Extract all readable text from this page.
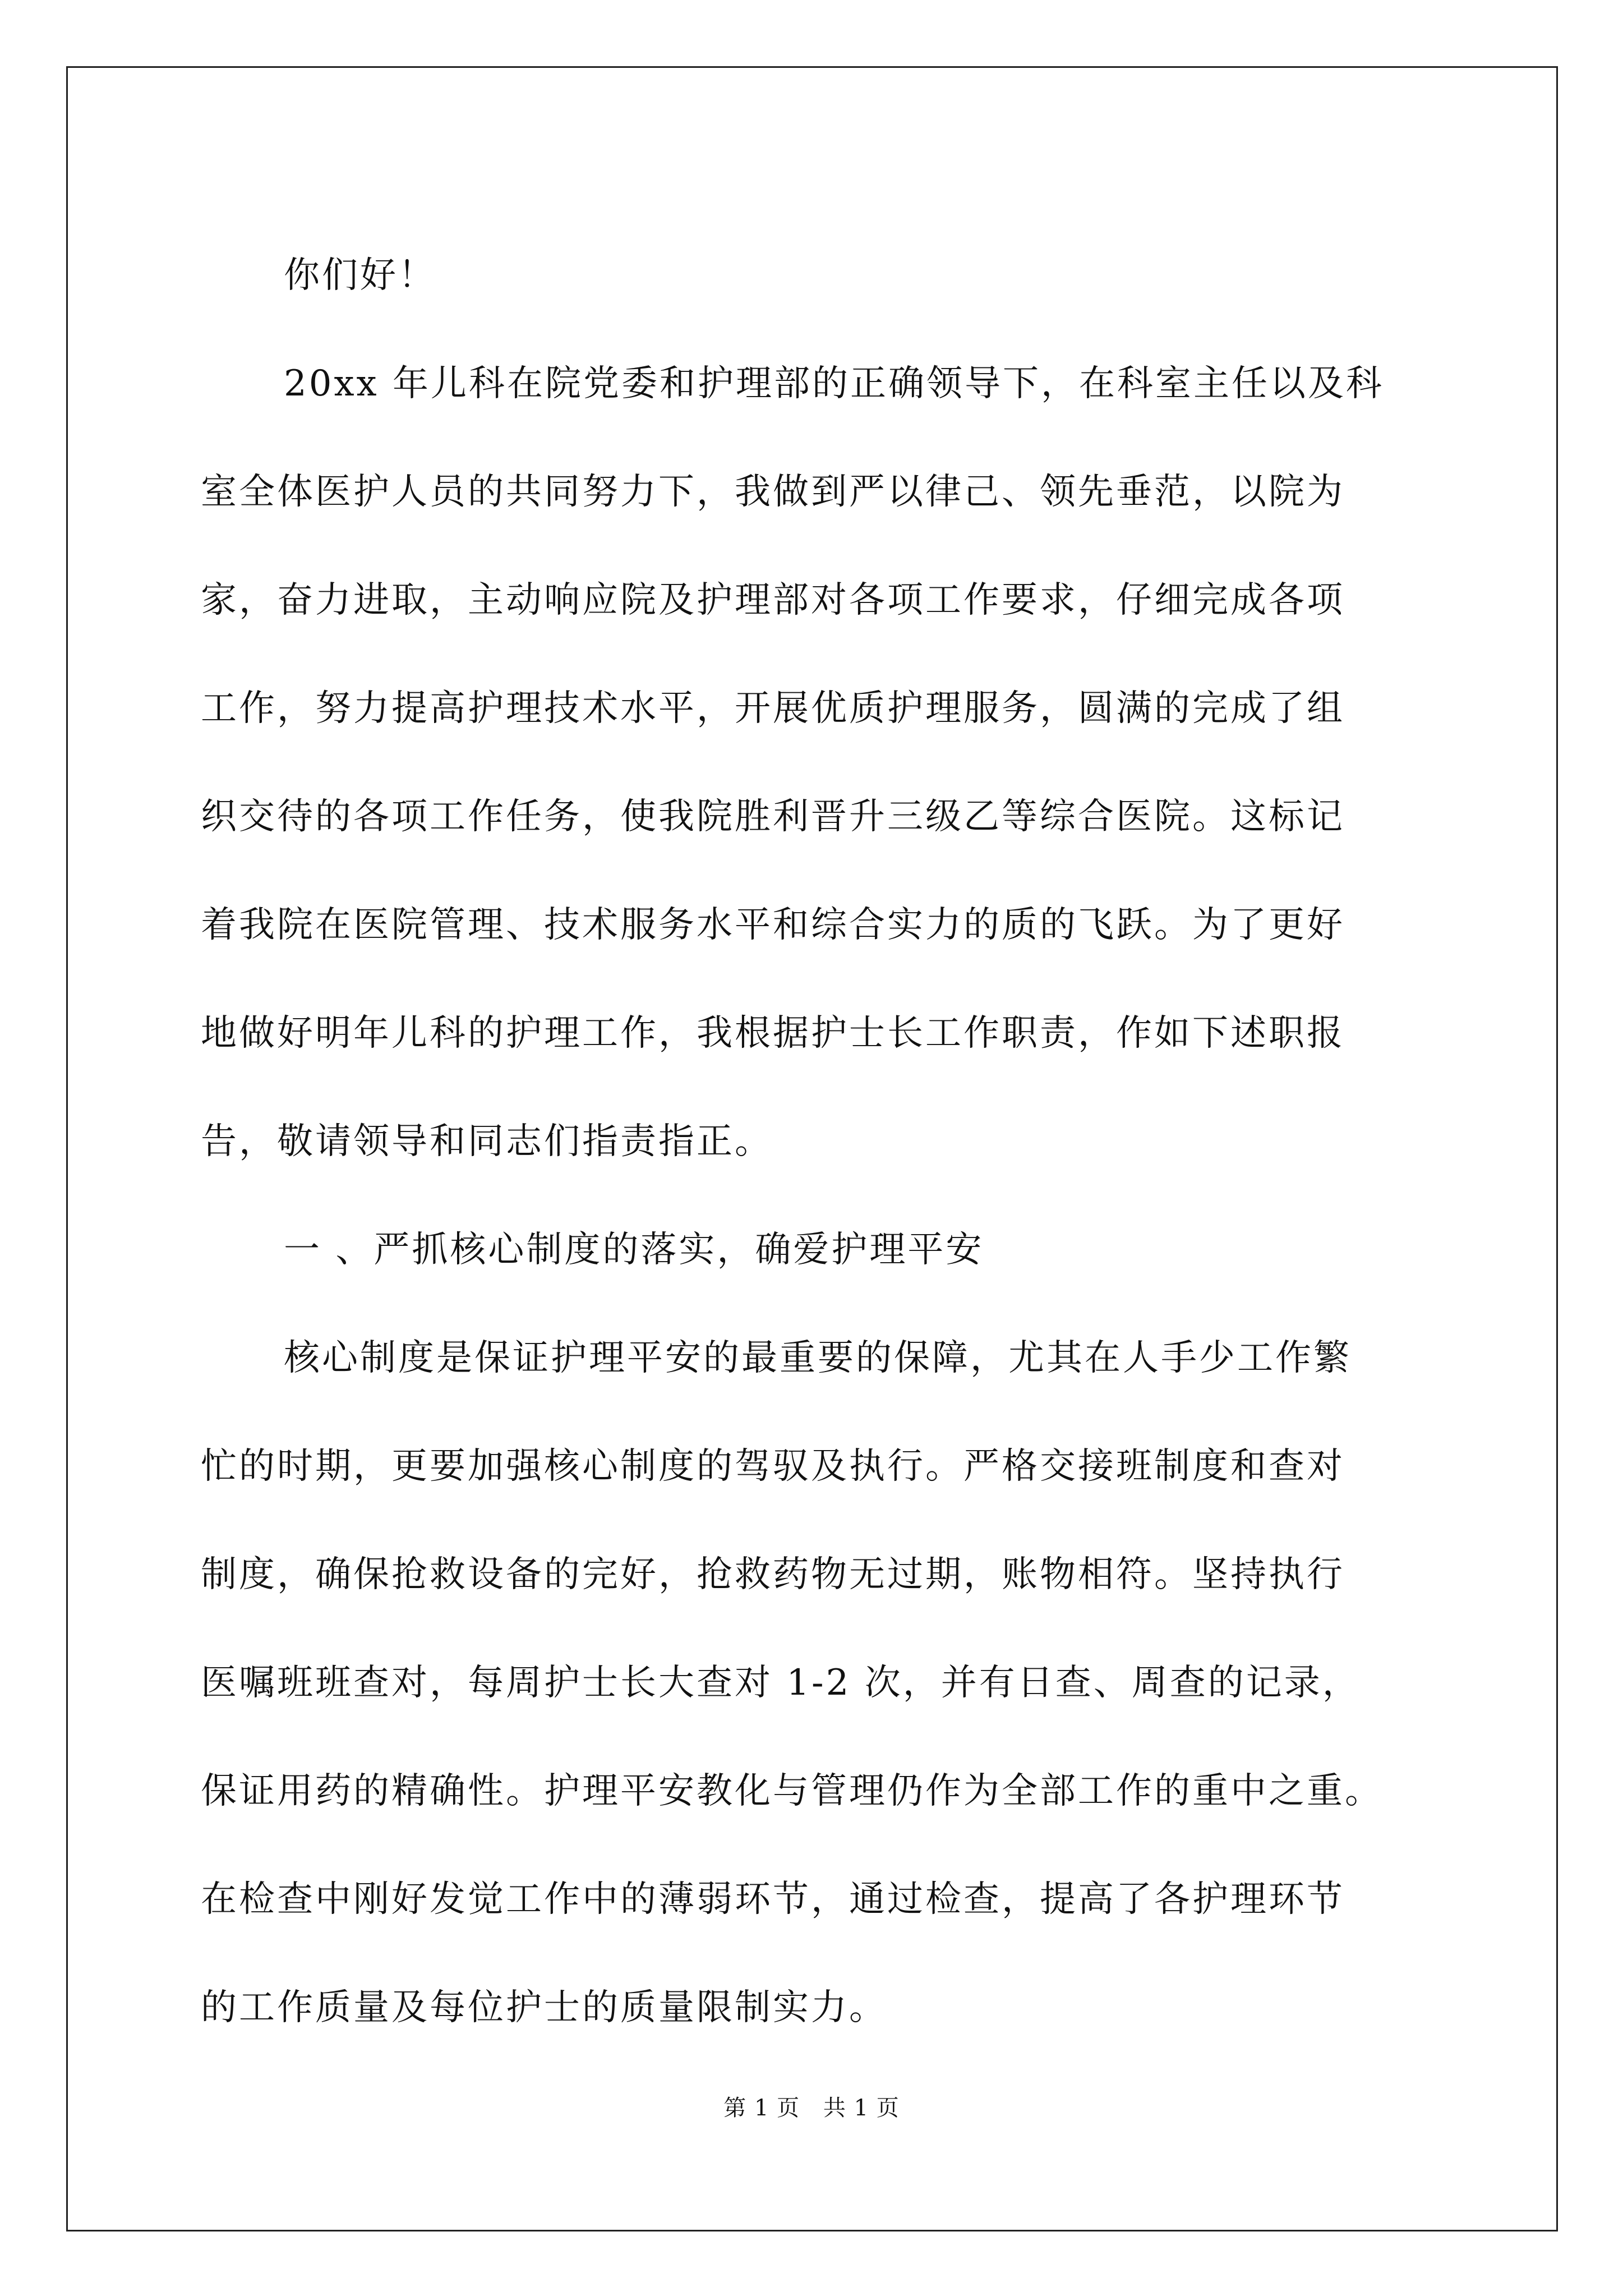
你们好！

20xx 年儿科在院党委和护理部的正确领导下，在科室主任以及科
室全体医护人员的共同努力下，我做到严以律己、领先垂范，以院为
家，奋力进取，主动响应院及护理部对各项工作要求，仔细完成各项
工作，努力提高护理技术水平，开展优质护理服务，圆满的完成了组
织交待的各项工作任务，使我院胜利晋升三级乙等综合医院。这标记
着我院在医院管理、技术服务水平和综合实力的质的飞跃。为了更好
地做好明年儿科的护理工作，我根据护士长工作职责，作如下述职报
告，敬请领导和同志们指责指正。

一 、严抓核心制度的落实，确爱护理平安

核心制度是保证护理平安的最重要的保障，尤其在人手少工作繁
忙的时期，更要加强核心制度的驾驭及执行。严格交接班制度和查对
制度，确保抢救设备的完好，抢救药物无过期，账物相符。坚持执行
医嘱班班查对，每周护士长大查对 1-2 次，并有日查、周查的记录，
保证用药的精确性。护理平安教化与管理仍作为全部工作的重中之重。
在检查中刚好发觉工作中的薄弱环节，通过检查，提高了各护理环节
的工作质量及每位护士的质量限制实力。

第 1 页 共 1 页
